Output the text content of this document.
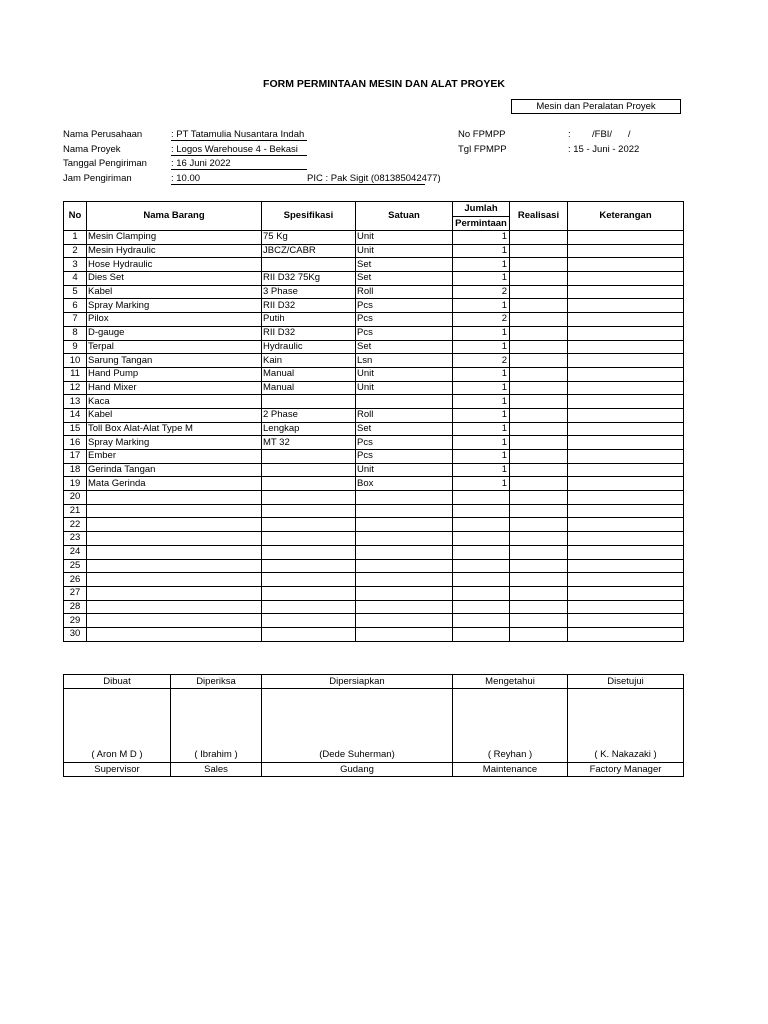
FORM PERMINTAAN MESIN DAN ALAT PROYEK
Mesin dan Peralatan Proyek
Nama Perusahaan	: PT Tatamulia Nusantara Indah
Nama Proyek	: Logos Warehouse 4 - Bekasi
Tanggal Pengiriman	: 16 Juni 2022
Jam Pengiriman	: 10.00	PIC : Pak Sigit (081385042477)
No FPMPP	: /FBI/      /
Tgl FPMPP	: 15 - Juni - 2022
No	Nama Barang	Spesifikasi	Satuan	Jumlah	Realisasi	Keterangan
				Permintaan		
1	Mesin Clamping	75 Kg	Unit	1		
2	Mesin Hydraulic	JBCZ/CABR	Unit	1		
3	Hose Hydraulic		Set	1		
4	Dies Set	RII D32 75Kg	Set	1		
5	Kabel	3 Phase	Roll	2		
6	Spray Marking	RII D32	Pcs	1		
7	Pilox	Putih	Pcs	2		
8	D-gauge	RII D32	Pcs	1		
9	Terpal	Hydraulic	Set	1		
10	Sarung Tangan	Kain	Lsn	2		
11	Hand Pump	Manual	Unit	1		
12	Hand Mixer	Manual	Unit	1		
13	Kaca			1		
14	Kabel	2 Phase	Roll	1		
15	Toll Box Alat-Alat Type M	Lengkap	Set	1		
16	Spray Marking	MT 32	Pcs	1		
17	Ember		Pcs	1		
18	Gerinda Tangan		Unit	1		
19	Mata Gerinda		Box	1		
20						
21						
22						
23						
24						
25						
26						
27						
28						
29						
30						
Dibuat	Diperiksa	Dipersiapkan	Mengetahui	Disetujui
( Aron M D )	( Ibrahim )	(Dede Suherman)	( Reyhan )	( K. Nakazaki )
Supervisor	Sales	Gudang	Maintenance	Factory Manager
